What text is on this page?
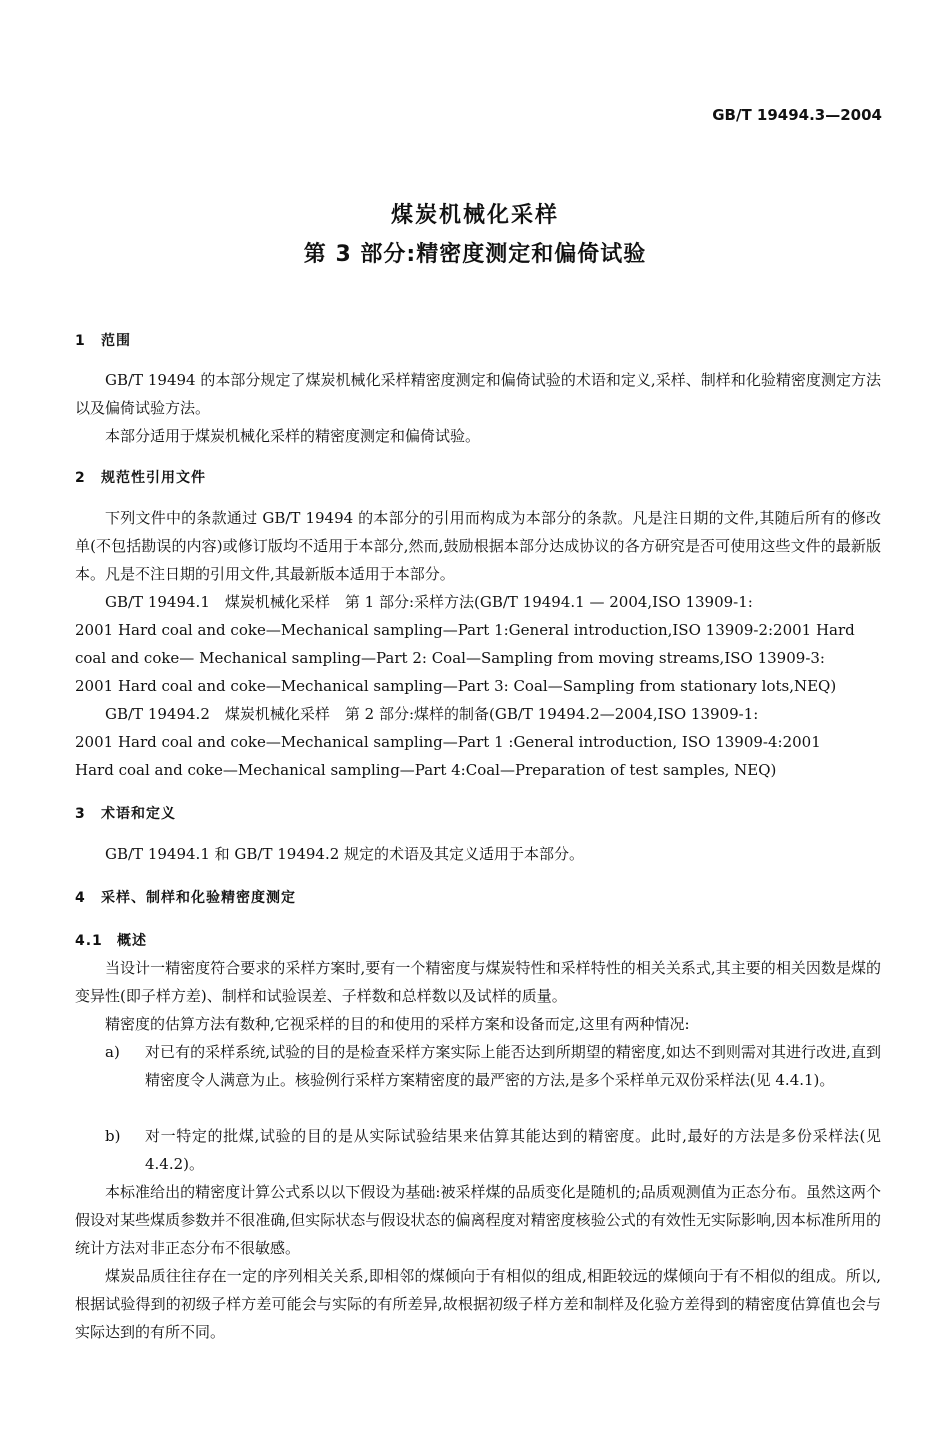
GB/T 19494.3—2004
煤炭机械化采样
第 3 部分:精密度测定和偏倚试验
1 范围
GB/T 19494 的本部分规定了煤炭机械化采样精密度测定和偏倚试验的术语和定义,采样、制样和化验精密度测定方法以及偏倚试验方法。
本部分适用于煤炭机械化采样的精密度测定和偏倚试验。
2 规范性引用文件
下列文件中的条款通过 GB/T 19494 的本部分的引用而构成为本部分的条款。凡是注日期的文件,其随后所有的修改单(不包括勘误的内容)或修订版均不适用于本部分,然而,鼓励根据本部分达成协议的各方研究是否可使用这些文件的最新版本。凡是不注日期的引用文件,其最新版本适用于本部分。
GB/T 19494.1　煤炭机械化采样　第 1 部分:采样方法(GB/T 19494.1 — 2004,ISO 13909-1:
2001 Hard coal and coke—Mechanical sampling—Part 1:General introduction,ISO 13909-2:2001 Hard
coal and coke— Mechanical sampling—Part 2: Coal—Sampling from moving streams,ISO 13909-3:
2001 Hard coal and coke—Mechanical sampling—Part 3: Coal—Sampling from stationary lots,NEQ)
GB/T 19494.2　煤炭机械化采样　第 2 部分:煤样的制备(GB/T 19494.2—2004,ISO 13909-1:
2001 Hard coal and coke—Mechanical sampling—Part 1 :General introduction, ISO 13909-4:2001
Hard coal and coke—Mechanical sampling—Part 4:Coal—Preparation of test samples, NEQ)
3 术语和定义
GB/T 19494.1 和 GB/T 19494.2 规定的术语及其定义适用于本部分。
4 采样、制样和化验精密度测定
4.1 概述
当设计一精密度符合要求的采样方案时,要有一个精密度与煤炭特性和采样特性的相关关系式,其主要的相关因数是煤的变异性(即子样方差)、制样和试验误差、子样数和总样数以及试样的质量。
精密度的估算方法有数种,它视采样的目的和使用的采样方案和设备而定,这里有两种情况:
a) 对已有的采样系统,试验的目的是检查采样方案实际上能否达到所期望的精密度,如达不到则需对其进行改进,直到精密度令人满意为止。核验例行采样方案精密度的最严密的方法,是多个采样单元双份采样法(见 4.4.1)。
b) 对一特定的批煤,试验的目的是从实际试验结果来估算其能达到的精密度。此时,最好的方法是多份采样法(见 4.4.2)。
本标准给出的精密度计算公式系以以下假设为基础:被采样煤的品质变化是随机的;品质观测值为正态分布。虽然这两个假设对某些煤质参数并不很准确,但实际状态与假设状态的偏离程度对精密度核验公式的有效性无实际影响,因本标准所用的统计方法对非正态分布不很敏感。
煤炭品质往往存在一定的序列相关关系,即相邻的煤倾向于有相似的组成,相距较远的煤倾向于有不相似的组成。所以,根据试验得到的初级子样方差可能会与实际的有所差异,故根据初级子样方差和制样及化验方差得到的精密度估算值也会与实际达到的有所不同。
